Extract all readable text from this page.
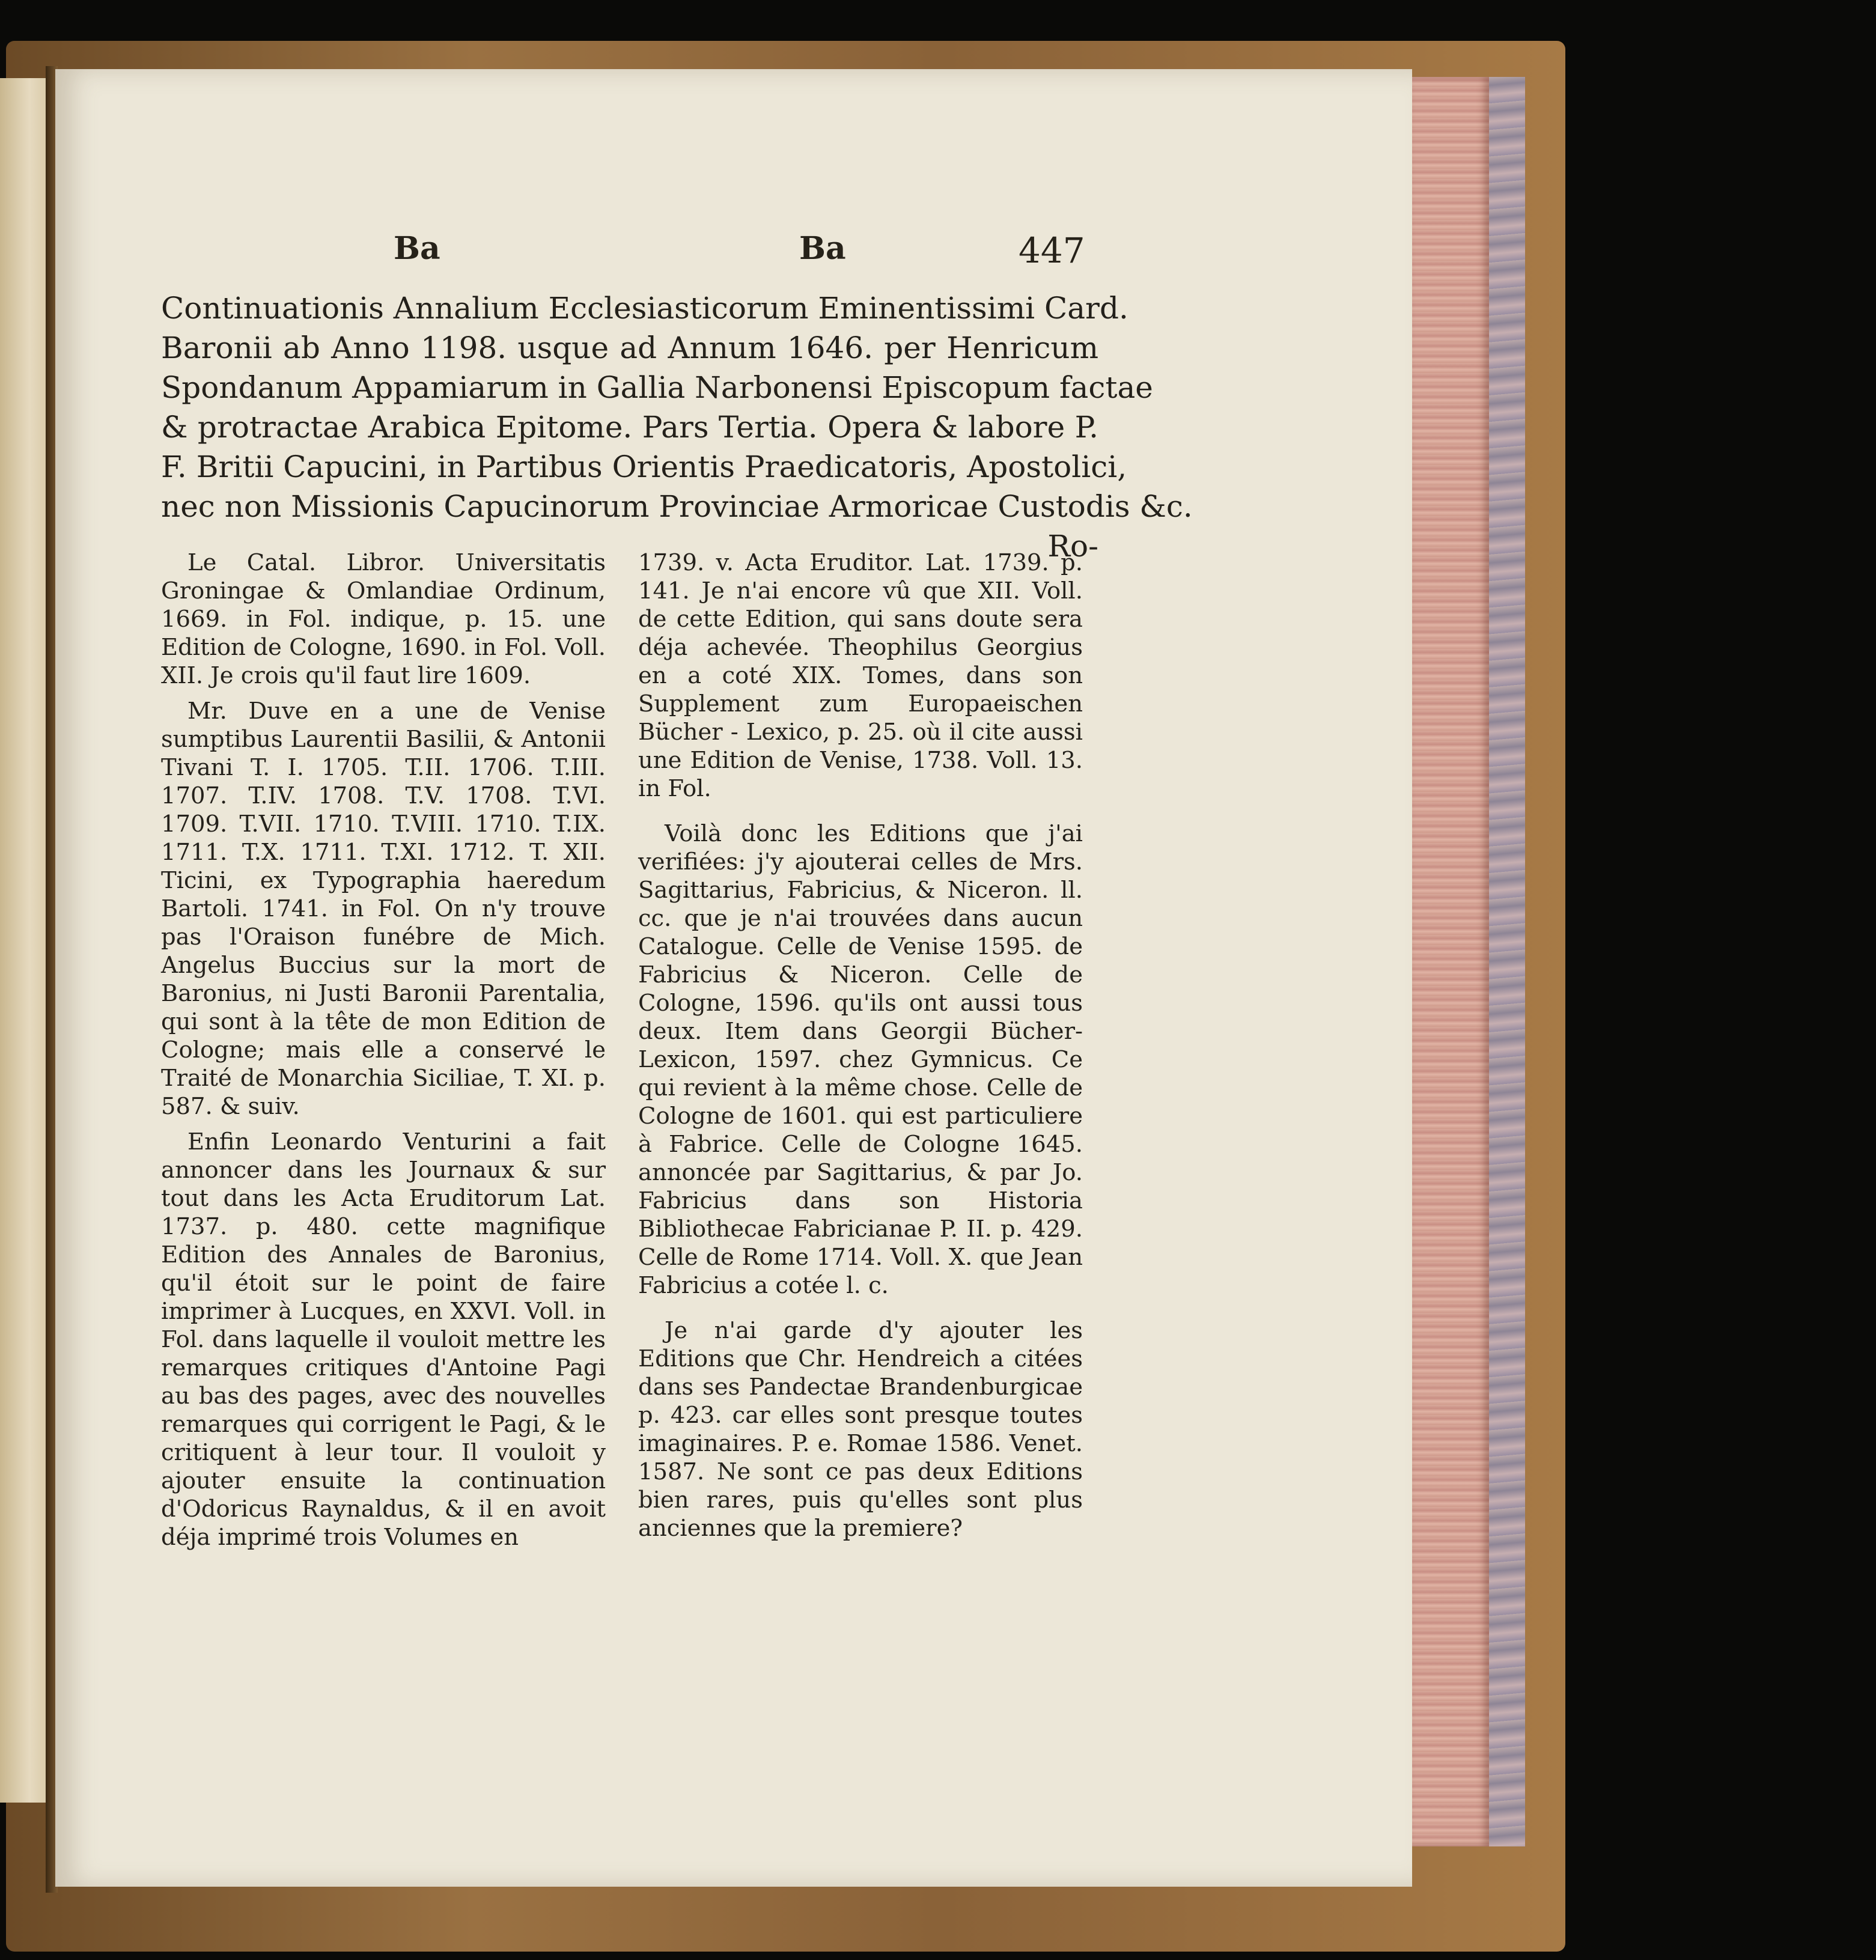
Ba	Ba	447
Continuationis Annalium Ecclesiasticorum Eminentissimi Card.
Baronii ab Anno 1198. usque ad Annum 1646. per Henricum
Spondanum Appamiarum in Gallia Narbonensi Episcopum factae
& protractae Arabica Epitome. Pars Tertia. Opera & labore P.
F. Britii Capucini, in Partibus Orientis Praedicatoris, Apostolici,
nec non Missionis Capucinorum Provinciae Armoricae Custodis &c.
Ro-

Le Catal. Libror. Universitatis Groningae & Omlandiae Ordinum, 1669. in Fol. indique, p. 15. une Edition de Cologne, 1690. in Fol. Voll. XII. Je crois qu'il faut lire 1609.

Mr. Duve en a une de Venise sumptibus Laurentii Basilii, & Antonii Tivani T. I. 1705. T.II. 1706. T.III. 1707. T.IV. 1708. T.V. 1708. T.VI. 1709. T.VII. 1710. T.VIII. 1710. T.IX. 1711. T.X. 1711. T.XI. 1712. T. XII. Ticini, ex Typographia haeredum Bartoli. 1741. in Fol. On n'y trouve pas l'Oraison funébre de Mich. Angelus Buccius sur la mort de Baronius, ni Justi Baronii Parentalia, qui sont à la tête de mon Edition de Cologne; mais elle a conservé le Traité de Monarchia Siciliae, T. XI. p. 587. & suiv.

Enfin Leonardo Venturini a fait annoncer dans les Journaux & sur tout dans les Acta Eruditorum Lat. 1737. p. 480. cette magnifique Edition des Annales de Baronius, qu'il étoit sur le point de faire imprimer à Lucques, en XXVI. Voll. in Fol. dans laquelle il vouloit mettre les remarques critiques d'Antoine Pagi au bas des pages, avec des nouvelles remarques qui corrigent le Pagi, & le critiquent à leur tour. Il vouloit y ajouter ensuite la continuation d'Odoricus Raynaldus, & il en avoit déja imprimé trois Volumes en

1739. v. Acta Eruditor. Lat. 1739. p. 141. Je n'ai encore vû que XII. Voll. de cette Edition, qui sans doute sera déja achevée. Theophilus Georgius en a coté XIX. Tomes, dans son Supplement zum Europaeischen Bücher - Lexico, p. 25. où il cite aussi une Edition de Venise, 1738. Voll. 13. in Fol.

Voilà donc les Editions que j'ai verifiées: j'y ajouterai celles de Mrs. Sagittarius, Fabricius, & Niceron. ll. cc. que je n'ai trouvées dans aucun Catalogue. Celle de Venise 1595. de Fabricius & Niceron. Celle de Cologne, 1596. qu'ils ont aussi tous deux. Item dans Georgii Bücher-Lexicon, 1597. chez Gymnicus. Ce qui revient à la même chose. Celle de Cologne de 1601. qui est particuliere à Fabrice. Celle de Cologne 1645. annoncée par Sagittarius, & par Jo. Fabricius dans son Historia Bibliothecae Fabricianae P. II. p. 429. Celle de Rome 1714. Voll. X. que Jean Fabricius a cotée l. c.

Je n'ai garde d'y ajouter les Editions que Chr. Hendreich a citées dans ses Pandectae Brandenburgicae p. 423. car elles sont presque toutes imaginaires. P. e. Romae 1586. Venet. 1587. Ne sont ce pas deux Editions bien rares, puis qu'elles sont plus anciennes que la premiere?
